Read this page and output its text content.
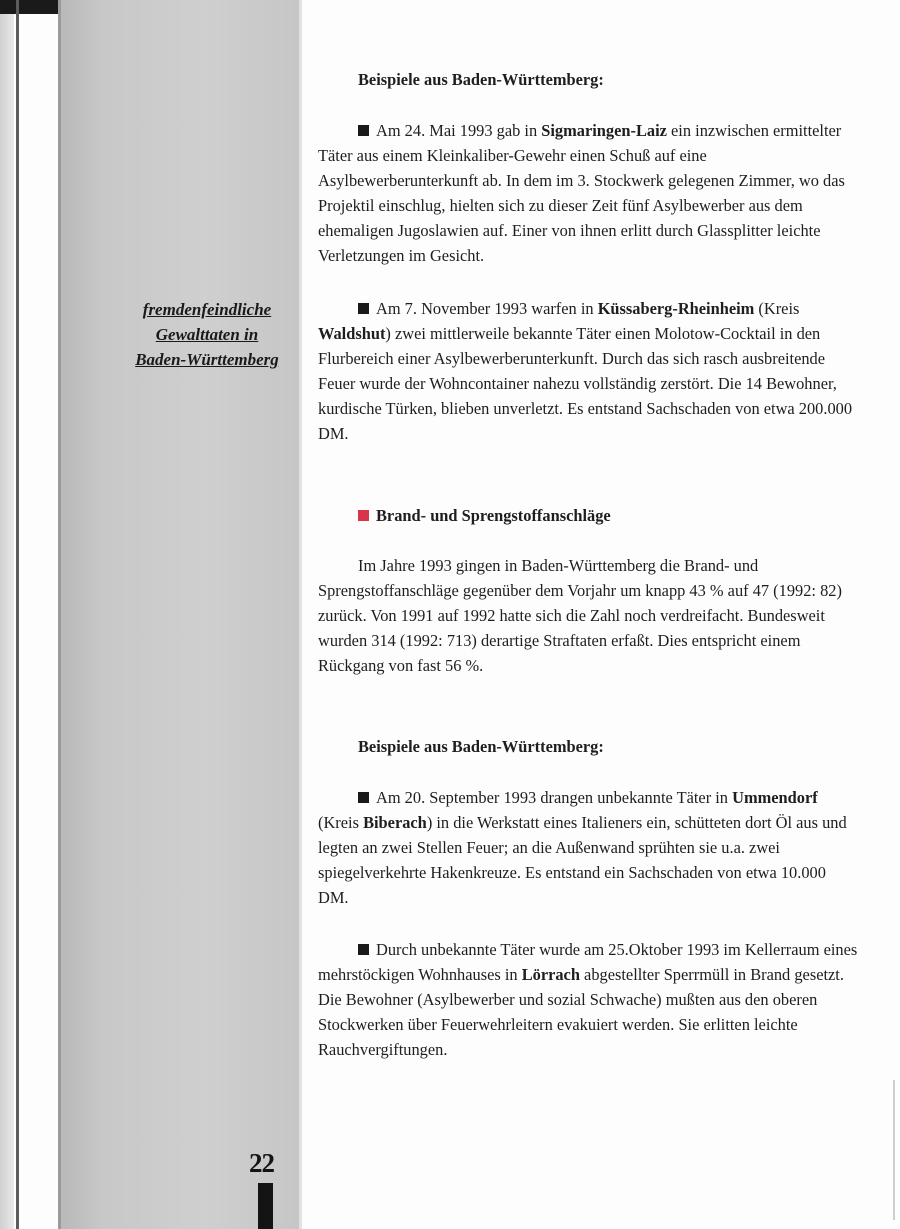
fremdenfeindliche
Gewalttaten in
Baden-Württemberg
22

Beispiele aus Baden-Württemberg:

Am 24. Mai 1993 gab in Sigmaringen-Laiz ein inzwischen ermittelter Täter aus einem Kleinkaliber-Gewehr einen Schuß auf eine Asylbewerberunterkunft ab. In dem im 3. Stockwerk gelegenen Zimmer, wo das Projektil einschlug, hielten sich zu dieser Zeit fünf Asylbewerber aus dem ehemaligen Jugoslawien auf. Einer von ihnen erlitt durch Glassplitter leichte Verletzungen im Gesicht.

Am 7. November 1993 warfen in Küssaberg-Rheinheim (Kreis Waldshut) zwei mittlerweile bekannte Täter einen Molotow-Cocktail in den Flurbereich einer Asylbewerberunterkunft. Durch das sich rasch ausbreitende Feuer wurde der Wohncontainer nahezu vollständig zerstört. Die 14 Bewohner, kurdische Türken, blieben unverletzt. Es entstand Sachschaden von etwa 200.000 DM.

Brand- und Sprengstoffanschläge

Im Jahre 1993 gingen in Baden-Württemberg die Brand- und Sprengstoffanschläge gegenüber dem Vorjahr um knapp 43 % auf 47 (1992: 82) zurück. Von 1991 auf 1992 hatte sich die Zahl noch verdreifacht. Bundesweit wurden 314 (1992: 713) derartige Straftaten erfaßt. Dies entspricht einem Rückgang von fast 56 %.

Beispiele aus Baden-Württemberg:

Am 20. September 1993 drangen unbekannte Täter in Ummendorf (Kreis Biberach) in die Werkstatt eines Italieners ein, schütteten dort Öl aus und legten an zwei Stellen Feuer; an die Außenwand sprühten sie u.a. zwei spiegelverkehrte Hakenkreuze. Es entstand ein Sachschaden von etwa 10.000 DM.

Durch unbekannte Täter wurde am 25.Oktober 1993 im Kellerraum eines mehrstöckigen Wohnhauses in Lörrach abgestellter Sperrmüll in Brand gesetzt. Die Bewohner (Asylbewerber und sozial Schwache) mußten aus den oberen Stockwerken über Feuerwehrleitern evakuiert werden. Sie erlitten leichte Rauchvergiftungen.
